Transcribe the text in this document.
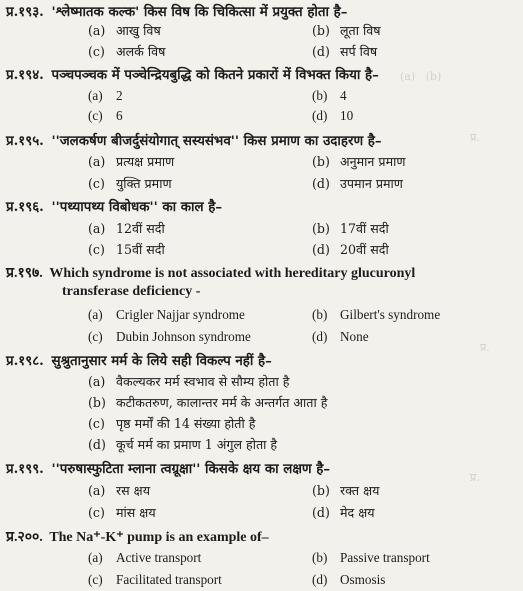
(a)   (b)
प्र.
प्र.
प्र.
प्र.१९३. 'श्लेष्मातक कल्क' किस विष कि चिकित्सा में प्रयुक्त होता है–
(a) आखु विष	(b) लूता विष
(c) अलर्क विष	(d) सर्प विष
प्र.१९४. पञ्चपञ्चक में पञ्चेन्द्रियबुद्धि को कितने प्रकारों में विभक्त किया है–
(a) 2	(b) 4
(c) 6	(d) 10
प्र.१९५. ''जलकर्षण बीजर्दुसंयोगात् सस्यसंभव'' किस प्रमाण का उदाहरण है–
(a) प्रत्यक्ष प्रमाण	(b) अनुमान प्रमाण
(c) युक्ति प्रमाण	(d) उपमान प्रमाण
प्र.१९६. ''पथ्यापथ्य विबोधक'' का काल है–
(a) 12वीं सदी	(b) 17वीं सदी
(c) 15वीं सदी	(d) 20वीं सदी
प्र.१९७. Which syndrome is not associated with hereditary glucuronyl
transferase deficiency -
(a) Crigler Najjar syndrome	(b) Gilbert's syndrome
(c) Dubin Johnson syndrome	(d) None
प्र.१९८. सुश्रुतानुसार मर्म के लिये सही विकल्प नहीं है–
(a) वैकल्यकर मर्म स्वभाव से सौम्य होता है
(b) कटीकतरुण, कालान्तर मर्म के अन्तर्गत आता है
(c) पृष्ठ मर्मों की 14 संख्या होती है
(d) कूर्च मर्म का प्रमाण 1 अंगुल होता है
प्र.१९९. ''परुषास्फुटिता म्लाना त्वग्रूक्षा'' किसके क्षय का लक्षण है–
(a) रस क्षय	(b) रक्त क्षय
(c) मांस क्षय	(d) मेद क्षय
प्र.२००. The Na⁺-K⁺ pump is an example of–
(a) Active transport	(b) Passive transport
(c) Facilitated transport	(d) Osmosis
